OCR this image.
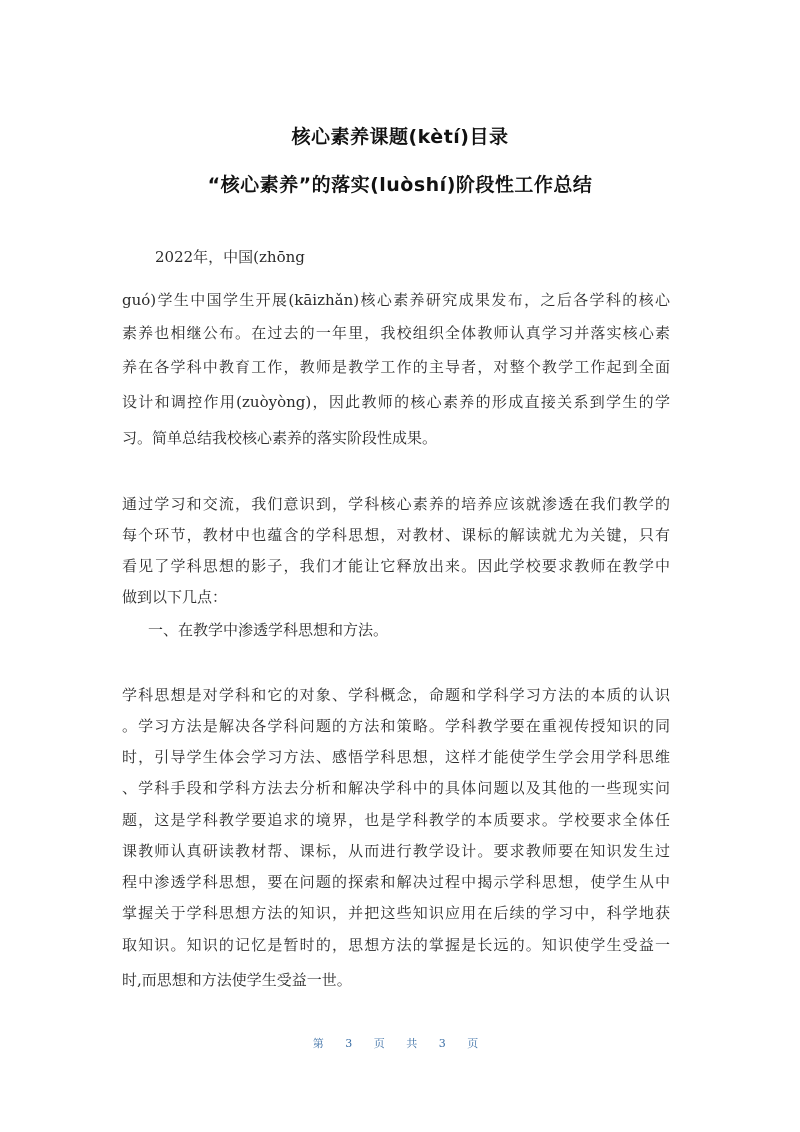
核心素养课题(kètí)目录
“核心素养”的落实(luòshí)阶段性工作总结
2022年，中国(zhōng
guó)学生中国学生开展(kāizhǎn)核心素养研究成果发布，之后各学科的核心
素养也相继公布。在过去的一年里，我校组织全体教师认真学习并落实核心素
养在各学科中教育工作，教师是教学工作的主导者，对整个教学工作起到全面
设计和调控作用(zuòyòng)，因此教师的核心素养的形成直接关系到学生的学
习。简单总结我校核心素养的落实阶段性成果。
通过学习和交流，我们意识到，学科核心素养的培养应该就渗透在我们教学的
每个环节，教材中也蕴含的学科思想，对教材、课标的解读就尤为关键，只有
看见了学科思想的影子，我们才能让它释放出来。因此学校要求教师在教学中
做到以下几点：
一、在教学中渗透学科思想和方法。
学科思想是对学科和它的对象、学科概念，命题和学科学习方法的本质的认识
。学习方法是解决各学科问题的方法和策略。学科教学要在重视传授知识的同
时，引导学生体会学习方法、感悟学科思想，这样才能使学生学会用学科思维
、学科手段和学科方法去分析和解决学科中的具体问题以及其他的一些现实问
题，这是学科教学要追求的境界，也是学科教学的本质要求。学校要求全体任
课教师认真研读教材帮、课标，从而进行教学设计。要求教师要在知识发生过
程中渗透学科思想，要在问题的探索和解决过程中揭示学科思想，使学生从中
掌握关于学科思想方法的知识，并把这些知识应用在后续的学习中，科学地获
取知识。知识的记忆是暂时的，思想方法的掌握是长远的。知识使学生受益一
时,而思想和方法使学生受益一世。
第 3 页 共 3 页
